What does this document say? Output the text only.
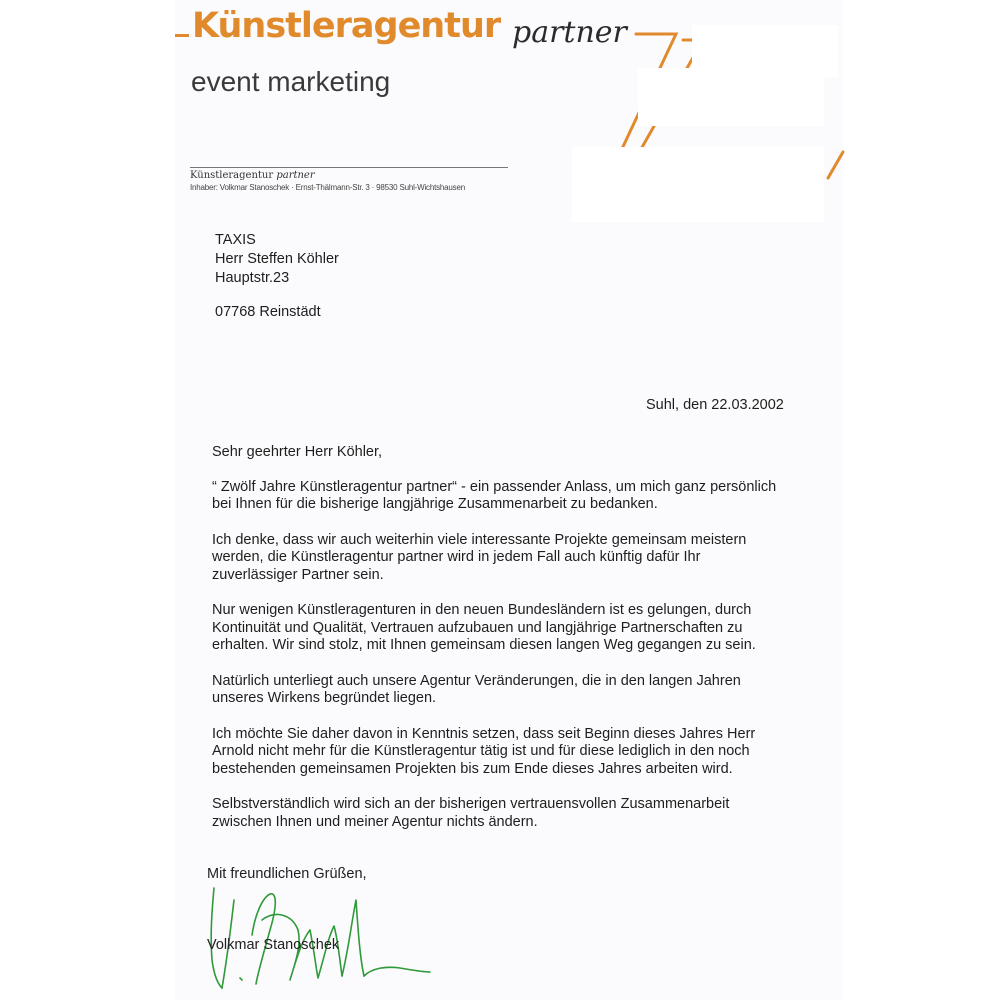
Künstleragentur partner
event marketing
Künstleragentur partner
Inhaber: Volkmar Stanoschek · Ernst-Thälmann-Str. 3 · 98530 Suhl-Wichtshausen
TAXIS
Herr Steffen Köhler
Hauptstr.23
07768 Reinstädt
Suhl, den 22.03.2002
Sehr geehrter Herr Köhler,
“ Zwölf Jahre Künstleragentur partner“ - ein passender Anlass, um mich ganz persönlich
bei Ihnen für die bisherige langjährige Zusammenarbeit zu bedanken.
Ich denke, dass wir auch weiterhin viele interessante Projekte gemeinsam meistern
werden, die Künstleragentur partner wird in jedem Fall auch künftig dafür Ihr
zuverlässiger Partner sein.
Nur wenigen Künstleragenturen in den neuen Bundesländern ist es gelungen, durch
Kontinuität und Qualität, Vertrauen aufzubauen und langjährige Partnerschaften zu
erhalten. Wir sind stolz, mit Ihnen gemeinsam diesen langen Weg gegangen zu sein.
Natürlich unterliegt auch unsere Agentur Veränderungen, die in den langen Jahren
unseres Wirkens begründet liegen.
Ich möchte Sie daher davon in Kenntnis setzen, dass seit Beginn dieses Jahres Herr
Arnold nicht mehr für die Künstleragentur tätig ist und für diese lediglich in den noch
bestehenden gemeinsamen Projekten bis zum Ende dieses Jahres arbeiten wird.
Selbstverständlich wird sich an der bisherigen vertrauensvollen Zusammenarbeit
zwischen Ihnen und meiner Agentur nichts ändern.
Mit freundlichen Grüßen,
Volkmar Stanoschek
